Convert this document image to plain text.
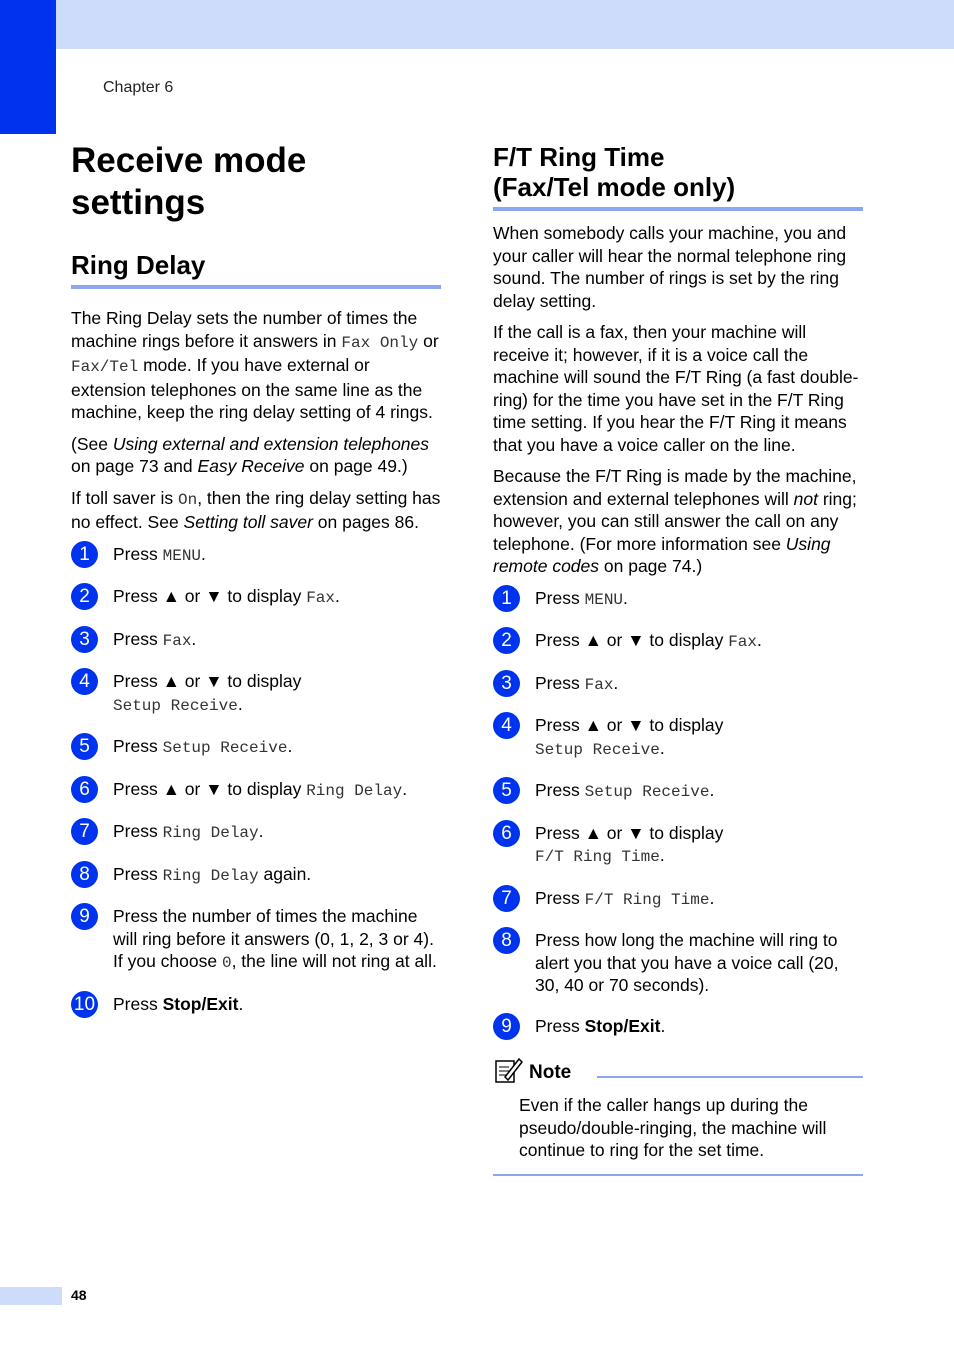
Chapter 6
Receive mode settings
Ring Delay

The Ring Delay sets the number of times the machine rings before it answers in Fax Only or Fax/Tel mode. If you have external or extension telephones on the same line as the machine, keep the ring delay setting of 4 rings.

(See Using external and extension telephones on page 73 and Easy Receive on page 49.)

If toll saver is On, then the ring delay setting has no effect. See Setting toll saver on pages 86.

1	Press MENU.
2	Press ▲ or ▼ to display Fax.
3	Press Fax.
4	Press ▲ or ▼ to display
Setup Receive.
5	Press Setup Receive.
6	Press ▲ or ▼ to display Ring Delay.
7	Press Ring Delay.
8	Press Ring Delay again.
9	Press the number of times the machine will ring before it answers (0, 1, 2, 3 or 4).
If you choose 0, the line will not ring at all.
10 Press Stop/Exit.
F/T Ring Time
(Fax/Tel mode only)

When somebody calls your machine, you and your caller will hear the normal telephone ring sound. The number of rings is set by the ring delay setting.

If the call is a fax, then your machine will receive it; however, if it is a voice call the machine will sound the F/T Ring (a fast double-ring) for the time you have set in the F/T Ring time setting. If you hear the F/T Ring it means that you have a voice caller on the line.

Because the F/T Ring is made by the machine, extension and external telephones will not ring; however, you can still answer the call on any telephone. (For more information see Using remote codes on page 74.)

1	Press MENU.
2	Press ▲ or ▼ to display Fax.
3	Press Fax.
4	Press ▲ or ▼ to display
Setup Receive.
5	Press Setup Receive.
6	Press ▲ or ▼ to display
F/T Ring Time.
7	Press F/T Ring Time.
8	Press how long the machine will ring to alert you that you have a voice call (20, 30, 40 or 70 seconds).
9	Press Stop/Exit.
Note
Even if the caller hangs up during the pseudo/double-ringing, the machine will continue to ring for the set time.
48
